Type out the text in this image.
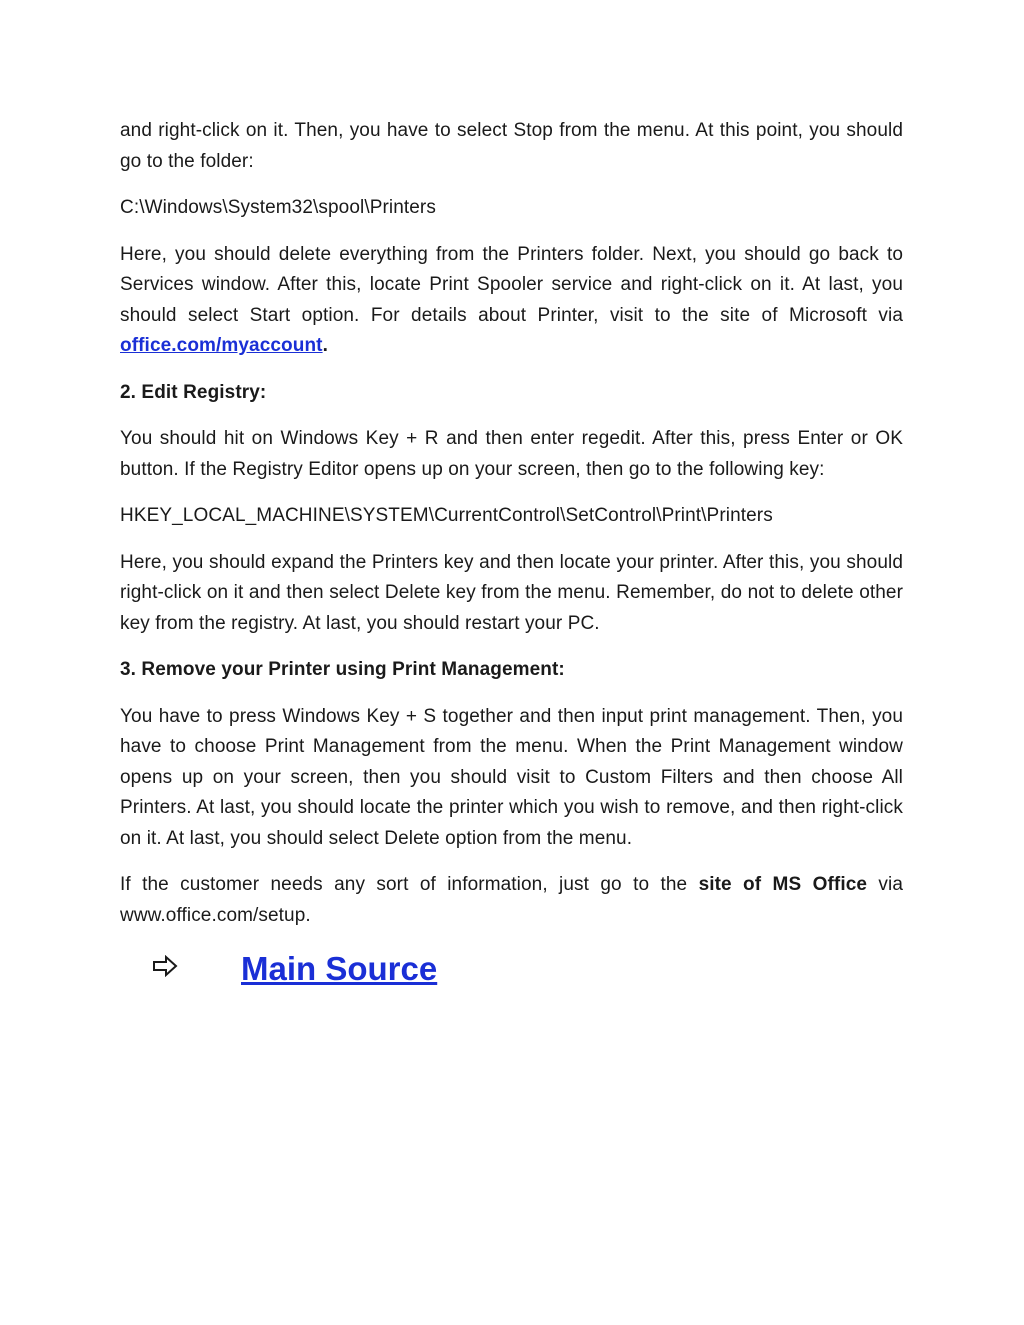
and right-click on it. Then, you have to select Stop from the menu. At this point, you should go to the folder:

C:\Windows\System32\spool\Printers

Here, you should delete everything from the Printers folder. Next, you should go back to Services window. After this, locate Print Spooler service and right-click on it. At last, you should select Start option. For details about Printer, visit to the site of Microsoft via office.com/myaccount.

2. Edit Registry:

You should hit on Windows Key + R and then enter regedit. After this, press Enter or OK button. If the Registry Editor opens up on your screen, then go to the following key:

HKEY_LOCAL_MACHINE\SYSTEM\CurrentControl\SetControl\Print\Printers

Here, you should expand the Printers key and then locate your printer. After this, you should right-click on it and then select Delete key from the menu. Remember, do not to delete other key from the registry. At last, you should restart your PC.

3. Remove your Printer using Print Management:

You have to press Windows Key + S together and then input print management. Then, you have to choose Print Management from the menu. When the Print Management window opens up on your screen, then you should visit to Custom Filters and then choose All Printers. At last, you should locate the printer which you wish to remove, and then right-click on it. At last, you should select Delete option from the menu.

If the customer needs any sort of information, just go to the site of MS Office via www.office.com/setup.

Main Source
